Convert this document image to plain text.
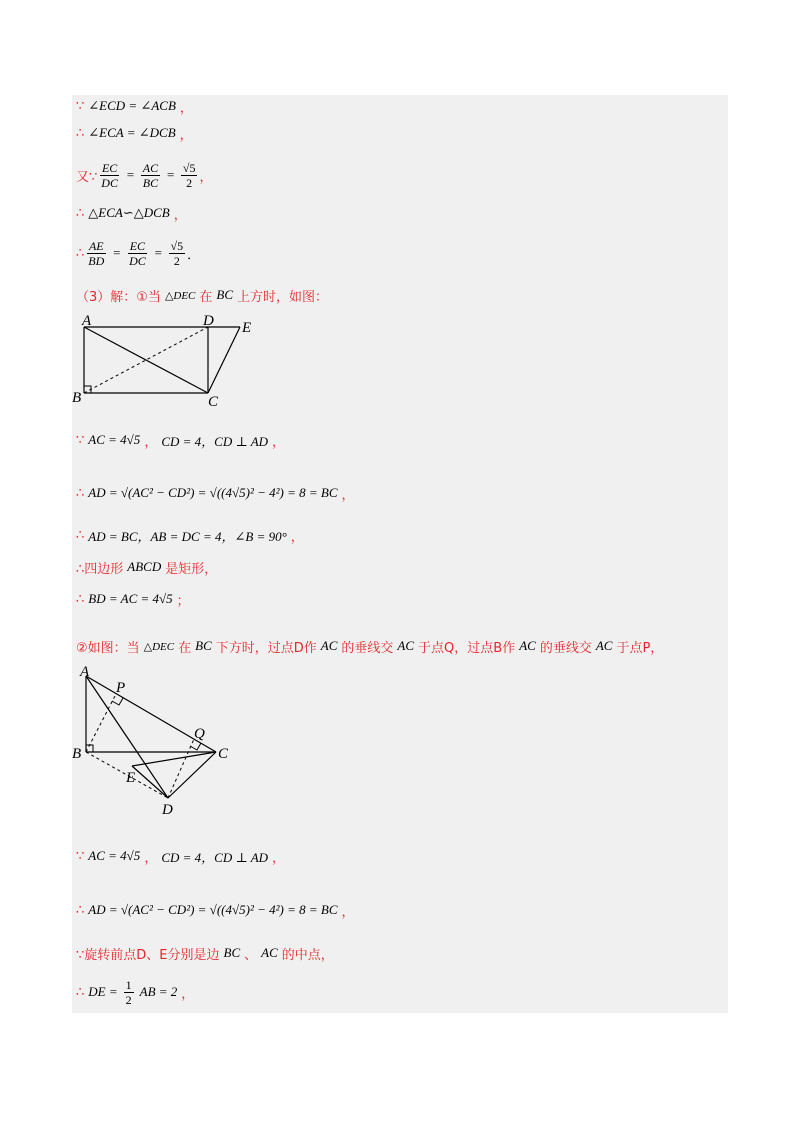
∵ ∠ECD = ∠ACB ，
∴ ∠ECA = ∠DCB ，
又∵ $\frac{EC}{DC} = \frac{AC}{BC} = \frac{√5}{2}$ ，
∴ △ECA∽△DCB ，
∴ $\frac{AE}{BD} = \frac{EC}{DC} = \frac{√5}{2}$ ．
（3）解：①当 △DEC 在 BC 上方时，如图：
A	D E
B	C
∵ AC = 4√5 ， CD = 4，CD ⊥ AD ，
∴ AD = √(AC² − CD²) = √((4√5)² − 4²) = 8 = BC ，
∴ AD = BC，AB = DC = 4，∠B = 90° ，
∴四边形 ABCD 是矩形，
∴ BD = AC = 4√5 ；
②如图：当 △DEC 在 BC 下方时，过点D作 AC 的垂线交 AC 于点Q，过点B作 AC 的垂线交 AC 于点P，
A
P
Q
B	C
E
D
∵ AC = 4√5 ， CD = 4，CD ⊥ AD ，
∴ AD = √(AC² − CD²) = √((4√5)² − 4²) = 8 = BC ，
∵旋转前点D、E分别是边 BC 、 AC 的中点，
∴ DE = $\frac{1}{2}$ AB = 2 ，
